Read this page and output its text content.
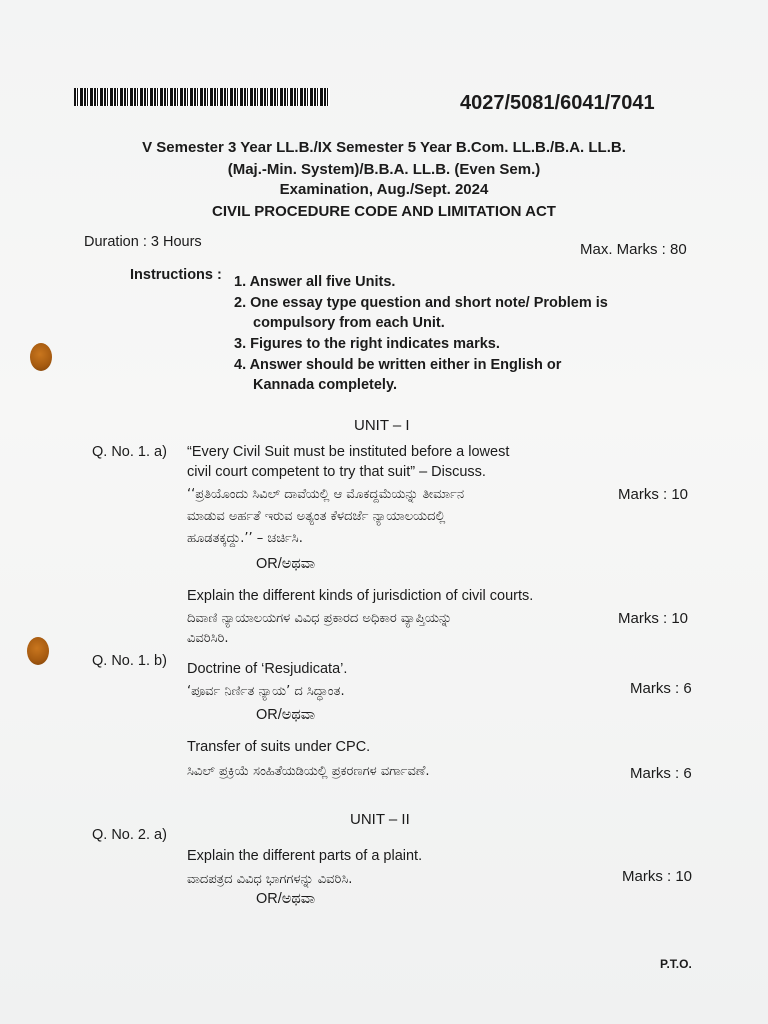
4027/5081/6041/7041
V Semester 3 Year LL.B./IX Semester 5 Year B.Com. LL.B./B.A. LL.B.
(Maj.-Min. System)/B.B.A. LL.B. (Even Sem.)
Examination, Aug./Sept. 2024
CIVIL PROCEDURE CODE AND LIMITATION ACT
Duration : 3 Hours	Max. Marks : 80
Instructions : 1. Answer all five Units.
2. One essay type question and short note/ Problem is
compulsory from each Unit.
3. Figures to the right indicates marks.
4. Answer should be written either in English or
Kannada completely.
UNIT – I
Q. No. 1. a) “Every Civil Suit must be instituted before a lowest
civil court competent to try that suit” – Discuss.
‘‘ಪ್ರತಿಯೊಂದು ಸಿವಿಲ್ ದಾವೆಯಲ್ಲಿ ಆ ಮೊಕದ್ದಮೆಯನ್ನು ತೀರ್ಮಾನ
ಮಾಡುವ ಅರ್ಹತೆ ಇರುವ ಅತ್ಯಂತ ಕೆಳದರ್ಜೆ ನ್ಯಾಯಾಲಯದಲ್ಲಿ
ಹೂಡತಕ್ಕದ್ದು.’’ – ಚರ್ಚಿಸಿ.
Marks : 10
OR/ಅಥವಾ
Explain the different kinds of jurisdiction of civil courts.
ದಿವಾಣಿ ನ್ಯಾಯಾಲಯಗಳ ವಿವಿಧ ಪ್ರಕಾರದ ಅಧಿಕಾರ ವ್ಯಾಪ್ತಿಯನ್ನು
ವಿವರಿಸಿರಿ.
Marks : 10
Q. No. 1. b) Doctrine of ‘Resjudicata’.
‘ಪೂರ್ವ ನಿರ್ಣಿತ ನ್ಯಾಯ’ ದ ಸಿದ್ಧಾಂತ.	Marks : 6
OR/ಅಥವಾ
Transfer of suits under CPC.
ಸಿವಿಲ್ ಪ್ರಕ್ರಿಯೆ ಸಂಹಿತೆಯಡಿಯಲ್ಲಿ ಪ್ರಕರಣಗಳ ವರ್ಗಾವಣೆ.	Marks : 6
UNIT – II
Q. No. 2. a)
Explain the different parts of a plaint.
ವಾದಪತ್ರದ ವಿವಿಧ ಭಾಗಗಳನ್ನು ವಿವರಿಸಿ.	Marks : 10
OR/ಅಥವಾ
P.T.O.
